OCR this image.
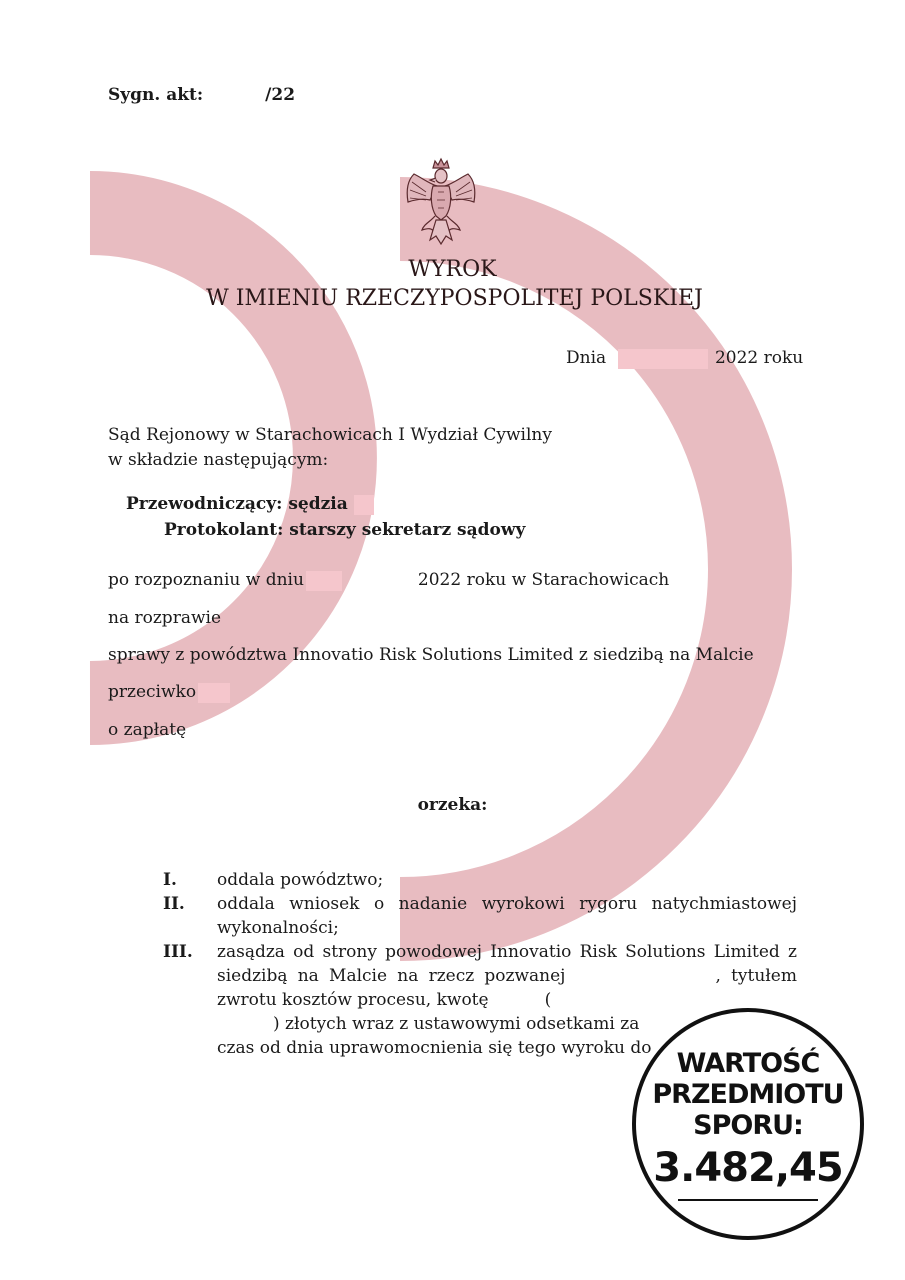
Sygn. akt:	/22
WYROK
W IMIENIU RZECZYPOSPOLITEJ POLSKIEJ
Dnia	2022 roku
Sąd Rejonowy w Starachowicach I Wydział Cywilny
w składzie następującym:
Przewodniczący: sędzia
Protokolant: starszy sekretarz sądowy
po rozpoznaniu w dniu	2022 roku w Starachowicach
na rozprawie
sprawy z powództwa Innovatio Risk Solutions Limited z siedzibą na Malcie
przeciwko
o zapłatę
orzeka:
I.	oddala powództwo;
II.	oddala wniosek o nadanie wyrokowi rygoru natychmiastowej wykonalności;
III.	zasądza od strony powodowej Innovatio Risk Solutions Limited z siedzibą na Malcie na rzecz pozwanej	, tytułem zwrotu kosztów procesu, kwotę	(
) złotych wraz z ustawowymi odsetkami za
czas od dnia uprawomocnienia się tego wyroku do WARTOŚĆ
PRZEDMIOTU
SPORU:
3.482,45
